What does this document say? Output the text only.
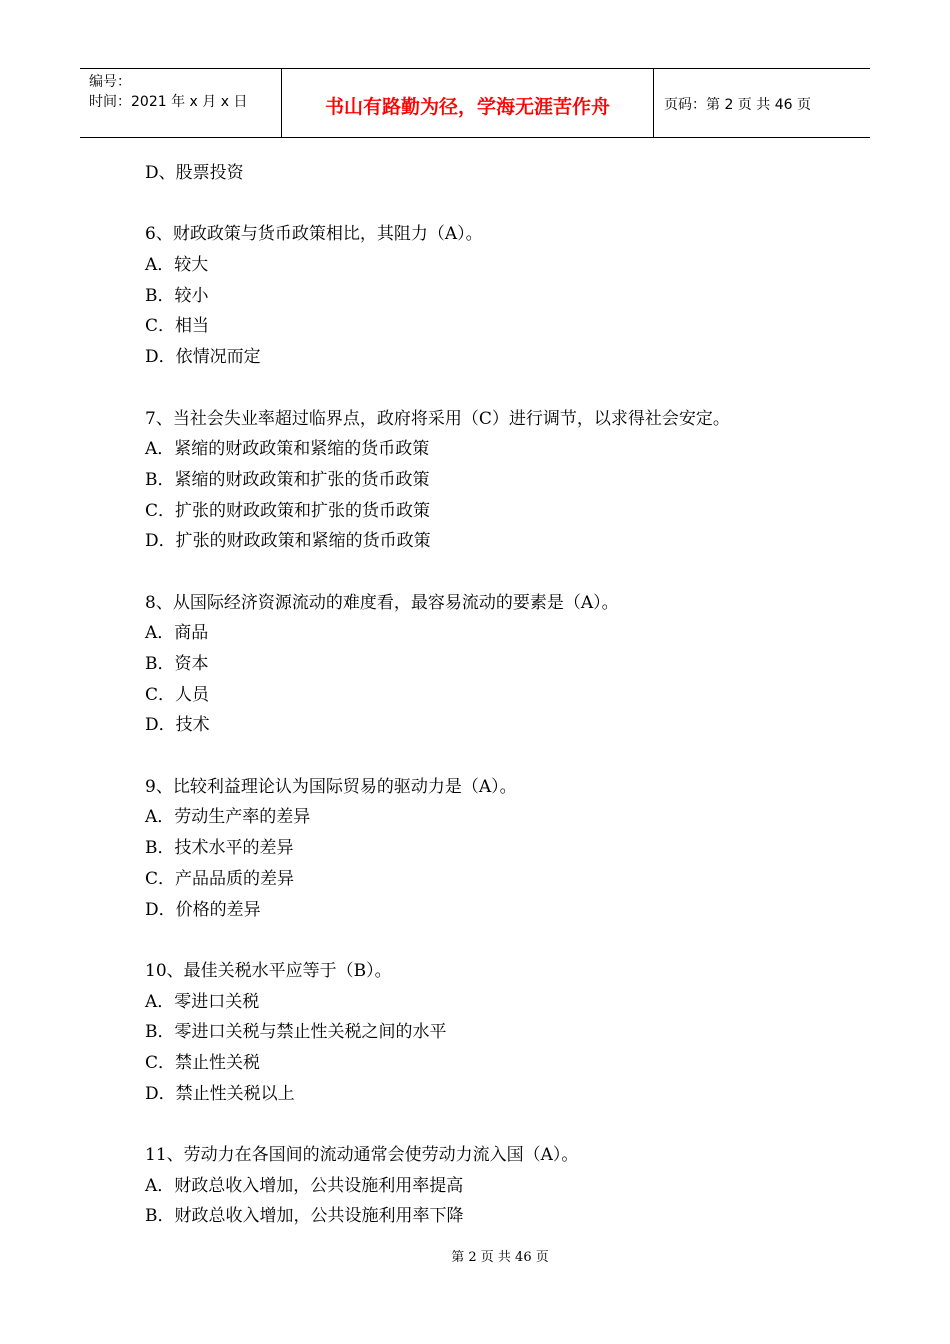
编号：
时间：2021 年 x 月 x 日	书山有路勤为径，学海无涯苦作舟	页码：第 2 页 共 46 页
D、股票投资
6、财政政策与货币政策相比，其阻力（A）。
A．较大
B．较小
C．相当
D．依情况而定
7、当社会失业率超过临界点，政府将采用（C）进行调节，以求得社会安定。
A．紧缩的财政政策和紧缩的货币政策
B．紧缩的财政政策和扩张的货币政策
C．扩张的财政政策和扩张的货币政策
D．扩张的财政政策和紧缩的货币政策
8、从国际经济资源流动的难度看，最容易流动的要素是（A）。
A．商品
B．资本
C．人员
D．技术
9、比较利益理论认为国际贸易的驱动力是（A）。
A．劳动生产率的差异
B．技术水平的差异
C．产品品质的差异
D．价格的差异
10、最佳关税水平应等于（B）。
A．零进口关税
B．零进口关税与禁止性关税之间的水平
C．禁止性关税
D．禁止性关税以上
11、劳动力在各国间的流动通常会使劳动力流入国（A）。
A．财政总收入增加，公共设施利用率提高
B．财政总收入增加，公共设施利用率下降
第 2 页 共 46 页
